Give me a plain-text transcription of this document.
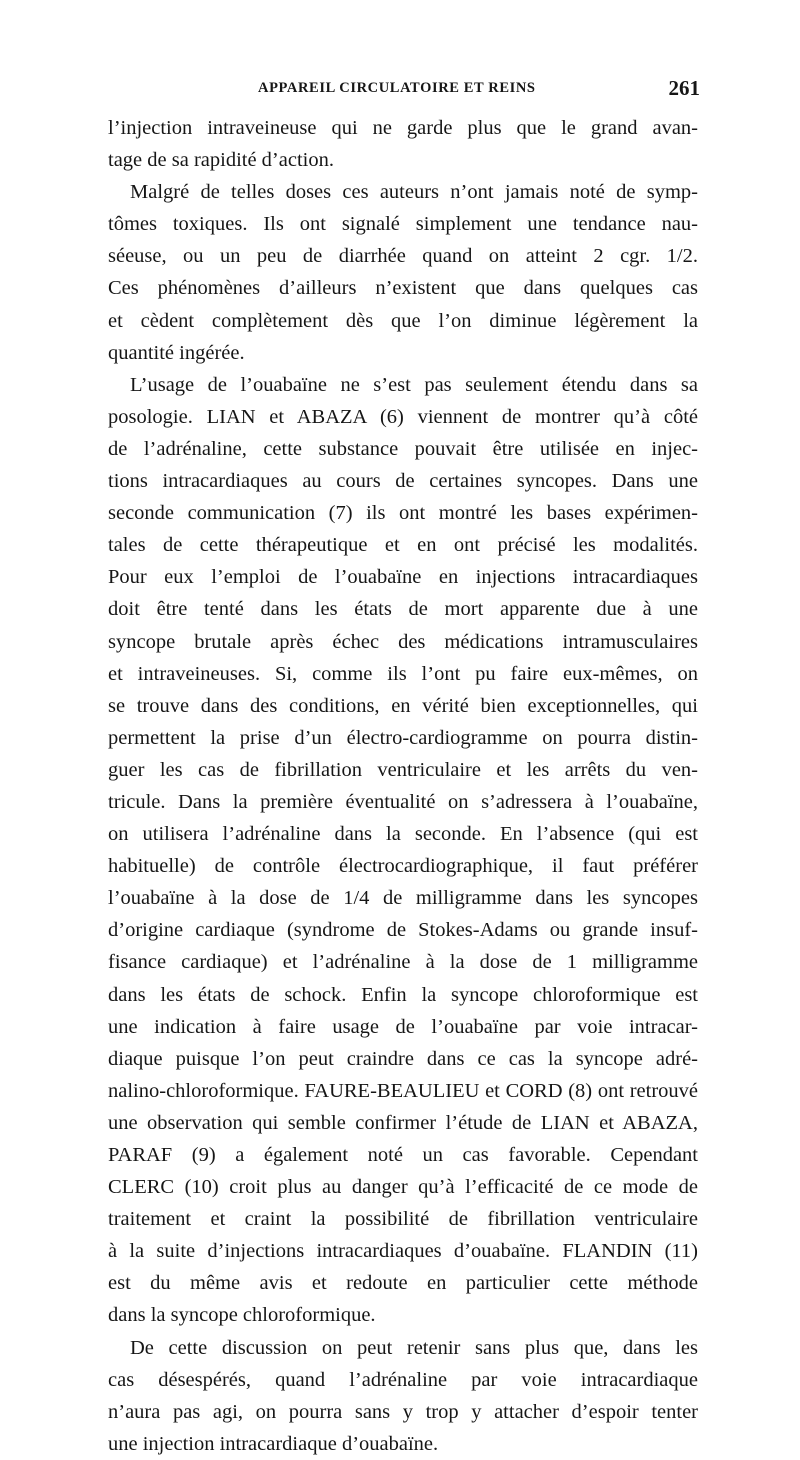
APPAREIL CIRCULATOIRE ET REINS	261
l’injection intraveineuse qui ne garde plus que le grand avan-
tage de sa rapidité d’action.
Malgré de telles doses ces auteurs n’ont jamais noté de symp-
tômes toxiques. Ils ont signalé simplement une tendance nau-
séeuse, ou un peu de diarrhée quand on atteint 2 cgr. 1/2.
Ces phénomènes d’ailleurs n’existent que dans quelques cas
et cèdent complètement dès que l’on diminue légèrement la
quantité ingérée.
L’usage de l’ouabaïne ne s’est pas seulement étendu dans sa
posologie. LIAN et ABAZA (6) viennent de montrer qu’à côté
de l’adrénaline, cette substance pouvait être utilisée en injec-
tions intracardiaques au cours de certaines syncopes. Dans une
seconde communication (7) ils ont montré les bases expérimen-
tales de cette thérapeutique et en ont précisé les modalités.
Pour eux l’emploi de l’ouabaïne en injections intracardiaques
doit être tenté dans les états de mort apparente due à une
syncope brutale après échec des médications intramusculaires
et intraveineuses. Si, comme ils l’ont pu faire eux-mêmes, on
se trouve dans des conditions, en vérité bien exceptionnelles, qui
permettent la prise d’un électro-cardiogramme on pourra distin-
guer les cas de fibrillation ventriculaire et les arrêts du ven-
tricule. Dans la première éventualité on s’adressera à l’ouabaïne,
on utilisera l’adrénaline dans la seconde. En l’absence (qui est
habituelle) de contrôle électrocardiographique, il faut préférer
l’ouabaïne à la dose de 1/4 de milligramme dans les syncopes
d’origine cardiaque (syndrome de Stokes-Adams ou grande insuf-
fisance cardiaque) et l’adrénaline à la dose de 1 milligramme
dans les états de schock. Enfin la syncope chloroformique est
une indication à faire usage de l’ouabaïne par voie intracar-
diaque puisque l’on peut craindre dans ce cas la syncope adré-
nalino-chloroformique. FAURE-BEAULIEU et CORD (8) ont retrouvé
une observation qui semble confirmer l’étude de LIAN et ABAZA,
PARAF (9) a également noté un cas favorable. Cependant
CLERC (10) croit plus au danger qu’à l’efficacité de ce mode de
traitement et craint la possibilité de fibrillation ventriculaire
à la suite d’injections intracardiaques d’ouabaïne. FLANDIN (11)
est du même avis et redoute en particulier cette méthode
dans la syncope chloroformique.
De cette discussion on peut retenir sans plus que, dans les
cas désespérés, quand l’adrénaline par voie intracardiaque
n’aura pas agi, on pourra sans y trop y attacher d’espoir tenter
une injection intracardiaque d’ouabaïne.
